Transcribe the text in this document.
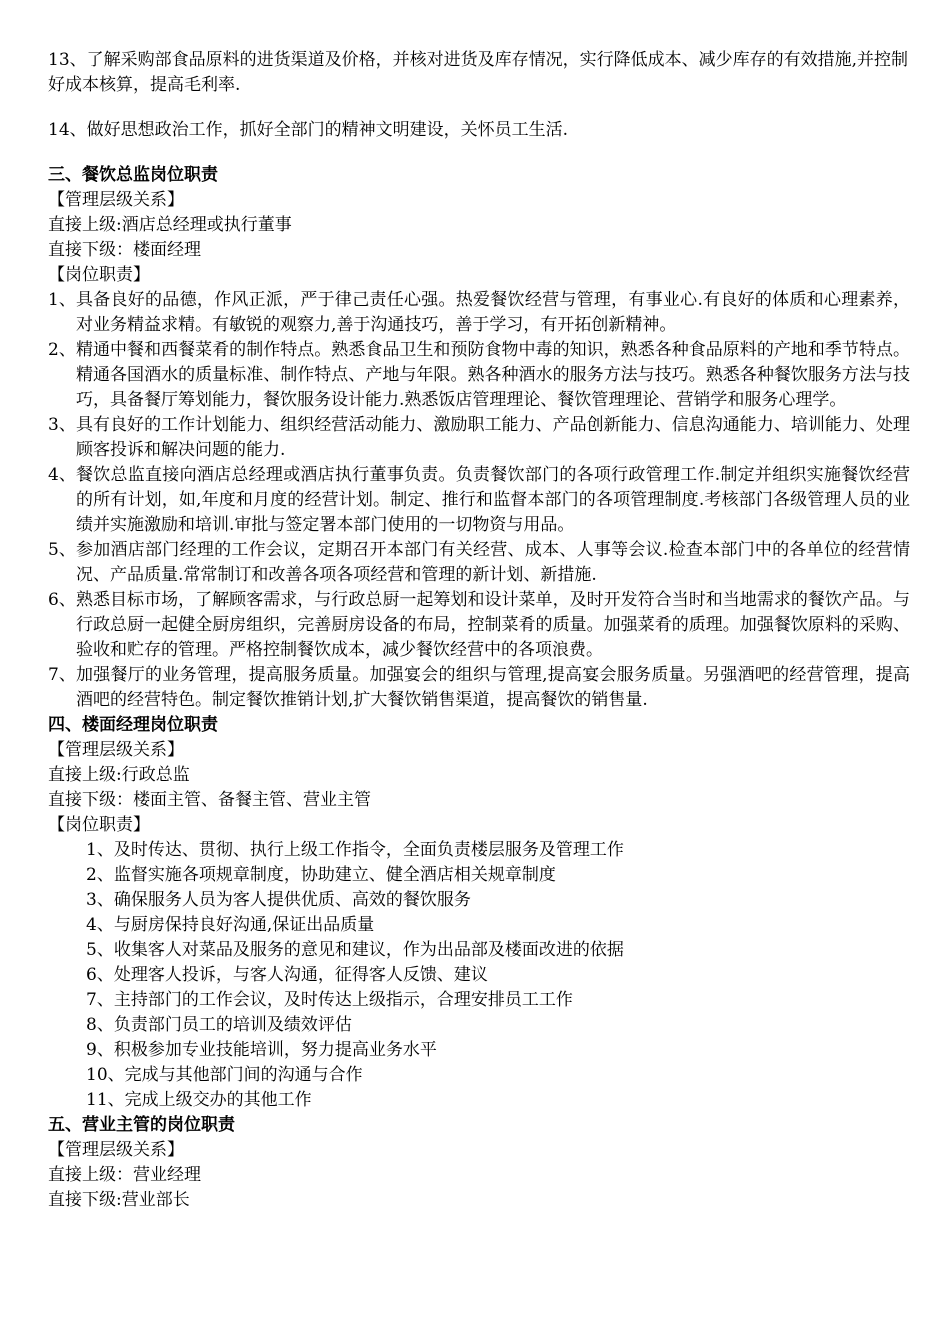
13、了解采购部食品原料的进货渠道及价格，并核对进货及库存情况，实行降低成本、减少库存的有效措施,并控制好成本核算，提高毛利率.

14、做好思想政治工作，抓好全部门的精神文明建设，关怀员工生活.

三、餐饮总监岗位职责

【管理层级关系】

直接上级:酒店总经理或执行董事

直接下级：楼面经理

【岗位职责】

1、 具备良好的品德，作风正派，严于律己责任心强。热爱餐饮经营与管理，有事业心.有良好的体质和心理素养，对业务精益求精。有敏锐的观察力,善于沟通技巧，善于学习，有开拓创新精神。
2、 精通中餐和西餐菜肴的制作特点。熟悉食品卫生和预防食物中毒的知识，熟悉各种食品原料的产地和季节特点。精通各国酒水的质量标准、制作特点、产地与年限。熟各种酒水的服务方法与技巧。熟悉各种餐饮服务方法与技巧，具备餐厅筹划能力，餐饮服务设计能力.熟悉饭店管理理论、餐饮管理理论、营销学和服务心理学。
3、 具有良好的工作计划能力、组织经营活动能力、激励职工能力、产品创新能力、信息沟通能力、培训能力、处理顾客投诉和解决问题的能力.
4、 餐饮总监直接向酒店总经理或酒店执行董事负责。负责餐饮部门的各项行政管理工作.制定并组织实施餐饮经营的所有计划，如,年度和月度的经营计划。制定、推行和监督本部门的各项管理制度.考核部门各级管理人员的业绩并实施激励和培训.审批与签定署本部门使用的一切物资与用品。
5、 参加酒店部门经理的工作会议，定期召开本部门有关经营、成本、人事等会议.检查本部门中的各单位的经营情况、产品质量.常常制订和改善各项各项经营和管理的新计划、新措施.
6、 熟悉目标市场，了解顾客需求，与行政总厨一起筹划和设计菜单，及时开发符合当时和当地需求的餐饮产品。与行政总厨一起健全厨房组织，完善厨房设备的布局，控制菜肴的质量。加强菜肴的质理。加强餐饮原料的采购、验收和贮存的管理。严格控制餐饮成本，减少餐饮经营中的各项浪费。
7、 加强餐厅的业务管理，提高服务质量。加强宴会的组织与管理,提高宴会服务质量。另强酒吧的经营管理，提高酒吧的经营特色。制定餐饮推销计划,扩大餐饮销售渠道，提高餐饮的销售量.

四、楼面经理岗位职责

【管理层级关系】

直接上级:行政总监

直接下级：楼面主管、备餐主管、营业主管

【岗位职责】

1、及时传达、贯彻、执行上级工作指令，全面负责楼层服务及管理工作

2、监督实施各项规章制度，协助建立、健全酒店相关规章制度

3、确保服务人员为客人提供优质、高效的餐饮服务

4、与厨房保持良好沟通,保证出品质量

5、收集客人对菜品及服务的意见和建议，作为出品部及楼面改进的依据

6、处理客人投诉，与客人沟通，征得客人反馈、建议

7、主持部门的工作会议，及时传达上级指示，合理安排员工工作

8、负责部门员工的培训及绩效评估

9、积极参加专业技能培训，努力提高业务水平

10、完成与其他部门间的沟通与合作

11、完成上级交办的其他工作

五、营业主管的岗位职责

【管理层级关系】

直接上级：营业经理

直接下级:营业部长
